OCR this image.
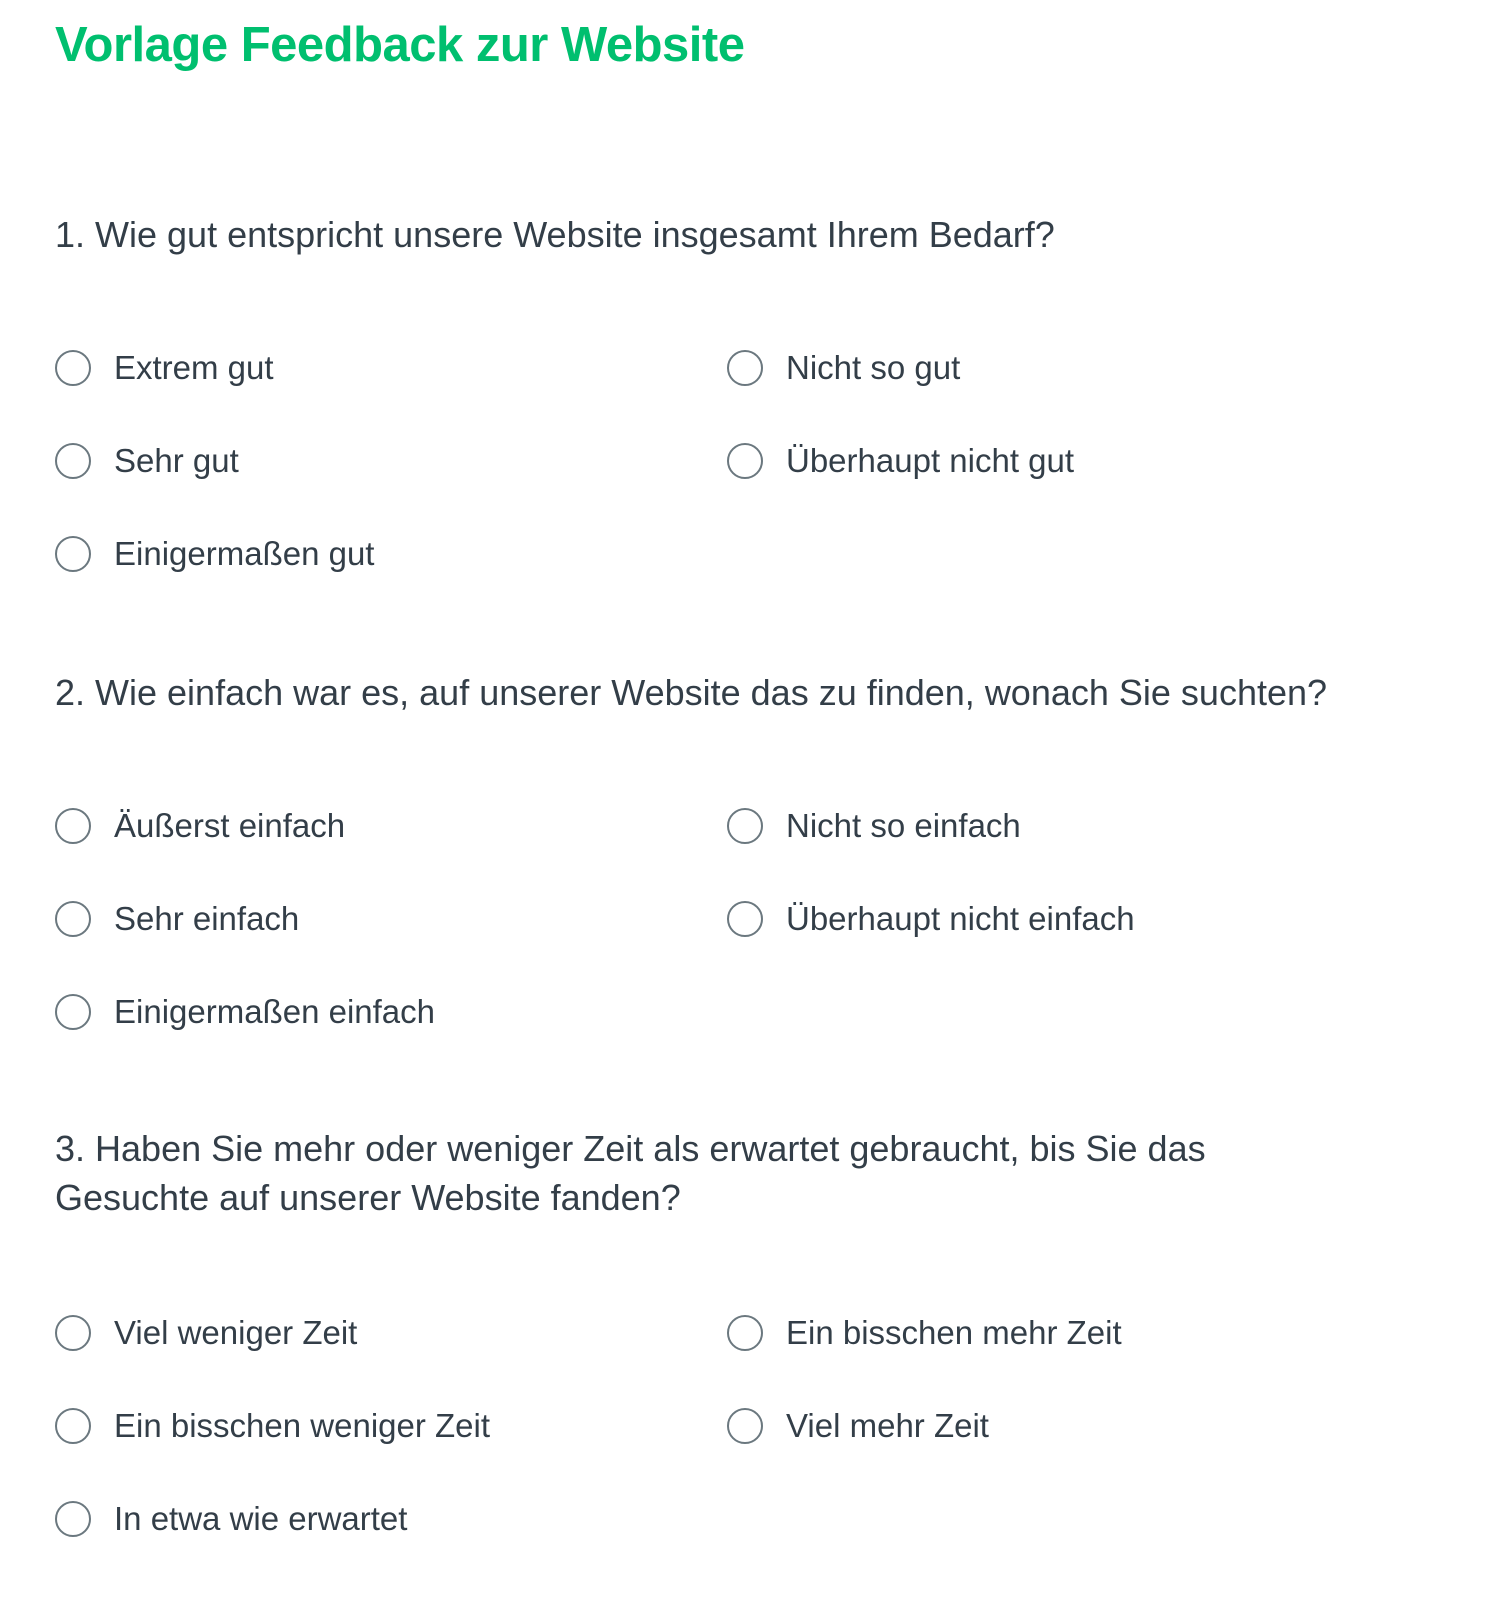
Vorlage Feedback zur Website
1. Wie gut entspricht unsere Website insgesamt Ihrem Bedarf?
Extrem gut
Sehr gut
Einigermaßen gut
Nicht so gut
Überhaupt nicht gut
2. Wie einfach war es, auf unserer Website das zu finden, wonach Sie suchten?
Äußerst einfach
Sehr einfach
Einigermaßen einfach
Nicht so einfach
Überhaupt nicht einfach
3. Haben Sie mehr oder weniger Zeit als erwartet gebraucht, bis Sie das Gesuchte auf unserer Website fanden?
Viel weniger Zeit
Ein bisschen weniger Zeit
In etwa wie erwartet
Ein bisschen mehr Zeit
Viel mehr Zeit
